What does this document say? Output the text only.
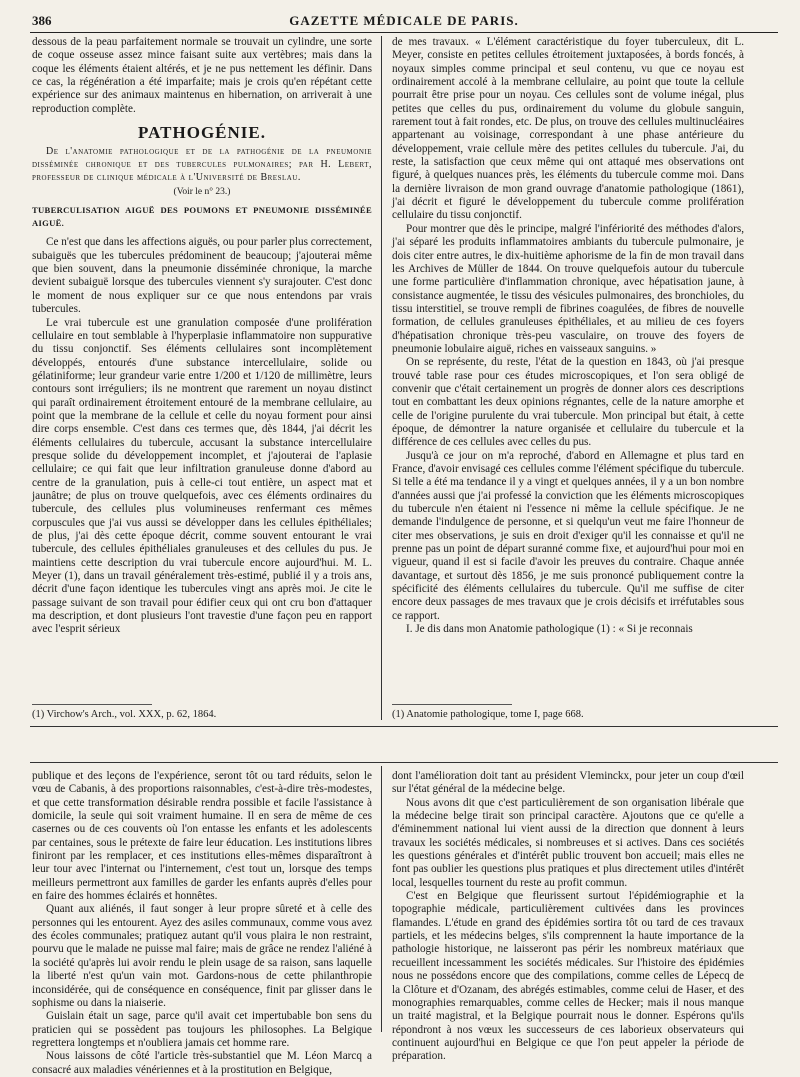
386	GAZETTE MÉDICALE DE PARIS.

dessous de la peau parfaitement normale se trouvait un cylindre, une sorte de coque osseuse assez mince faisant suite aux vertèbres; mais dans la coque les éléments étaient altérés, et je ne pus nettement les définir. Dans ce cas, la régénération a été imparfaite; mais je crois qu'en répétant cette expérience sur des animaux maintenus en hibernation, on arriverait à une reproduction complète.

PATHOGÉNIE.

De l'anatomie pathologique et de la pathogénie de la pneumonie disséminée chronique et des tubercules pulmonaires; par H. Lebert, professeur de clinique médicale à l'Université de Breslau.

(Voir le n° 23.)
TUBERCULISATION AIGUË DES POUMONS ET PNEUMONIE DISSÉMINÉE AIGUË.

Ce n'est que dans les affections aiguës, ou pour parler plus correctement, subaiguës que les tubercules prédominent de beaucoup; j'ajouterai même que bien souvent, dans la pneumonie disséminée chronique, la marche devient subaiguë lorsque des tubercules viennent s'y surajouter. C'est donc le moment de nous expliquer sur ce que nous entendons par vrais tubercules.

Le vrai tubercule est une granulation composée d'une prolifération cellulaire en tout semblable à l'hyperplasie inflammatoire non suppurative du tissu conjonctif. Ses éléments cellulaires sont incomplètement développés, entourés d'une substance intercellulaire, solide ou gélatiniforme; leur grandeur varie entre 1/200 et 1/120 de millimètre, leurs contours sont irréguliers; ils ne montrent que rarement un noyau distinct qui paraît ordinairement étroitement entouré de la membrane cellulaire, au point que la membrane de la cellule et celle du noyau forment pour ainsi dire corps ensemble. C'est dans ces termes que, dès 1844, j'ai décrit les éléments cellulaires du tubercule, accusant la substance intercellulaire presque solide du développement incomplet, et j'ajouterai de l'aplasie cellulaire; ce qui fait que leur infiltration granuleuse donne d'abord au centre de la granulation, puis à celle-ci tout entière, un aspect mat et jaunâtre; de plus on trouve quelquefois, avec ces éléments ordinaires du tubercule, des cellules plus volumineuses renfermant ces mêmes corpuscules que j'ai vus aussi se développer dans les cellules épithéliales; de plus, j'ai dès cette époque décrit, comme souvent entourant le vrai tubercule, des cellules épithéliales granuleuses et des cellules du pus. Je maintiens cette description du vrai tubercule encore aujourd'hui. M. L. Meyer (1), dans un travail généralement très-estimé, publié il y a trois ans, décrit d'une façon identique les tubercules vingt ans après moi. Je cite le passage suivant de son travail pour édifier ceux qui ont cru bon d'attaquer ma description, et dont plusieurs l'ont travestie d'une façon peu en rapport avec l'esprit sérieux

de mes travaux. « L'élément caractéristique du foyer tuberculeux, dit L. Meyer, consiste en petites cellules étroitement juxtaposées, à bords foncés, à noyaux simples comme principal et seul contenu, vu que ce noyau est ordinairement accolé à la membrane cellulaire, au point que toute la cellule pourrait être prise pour un noyau. Ces cellules sont de volume inégal, plus petites que celles du pus, ordinairement du volume du globule sanguin, rarement tout à fait rondes, etc. De plus, on trouve des cellules multinucléaires appartenant au voisinage, correspondant à une phase antérieure du développement, vraie cellule mère des petites cellules du tubercule. J'ai, du reste, la satisfaction que ceux même qui ont attaqué mes observations ont figuré, à quelques nuances près, les éléments du tubercule comme moi. Dans la dernière livraison de mon grand ouvrage d'anatomie pathologique (1861), j'ai décrit et figuré le développement du tubercule comme prolifération cellulaire du tissu conjonctif.

Pour montrer que dès le principe, malgré l'infériorité des méthodes d'alors, j'ai séparé les produits inflammatoires ambiants du tubercule pulmonaire, je dois citer entre autres, le dix-huitième aphorisme de la fin de mon travail dans les Archives de Müller de 1844. On trouve quelquefois autour du tubercule une forme particulière d'inflammation chronique, avec hépatisation jaune, à consistance augmentée, le tissu des vésicules pulmonaires, des bronchioles, du tissu interstitiel, se trouve rempli de fibrines coagulées, de fibres de nouvelle formation, de cellules granuleuses épithéliales, et au milieu de ces foyers d'hépatisation chronique très-peu vasculaire, on trouve des foyers de pneumonie lobulaire aiguë, riches en vaisseaux sanguins. »

On se représente, du reste, l'état de la question en 1843, où j'ai presque trouvé table rase pour ces études microscopiques, et l'on sera obligé de convenir que c'était certainement un progrès de donner alors ces descriptions tout en combattant les deux opinions régnantes, celle de la nature amorphe et celle de l'origine purulente du vrai tubercule. Mon principal but était, à cette époque, de démontrer la nature organisée et cellulaire du tubercule et la différence de ces cellules avec celles du pus.

Jusqu'à ce jour on m'a reproché, d'abord en Allemagne et plus tard en France, d'avoir envisagé ces cellules comme l'élément spécifique du tubercule. Si telle a été ma tendance il y a vingt et quelques années, il y a un bon nombre d'années aussi que j'ai professé la conviction que les éléments microscopiques du tubercule n'en étaient ni l'essence ni même la cellule spécifique. Je ne demande l'indulgence de personne, et si quelqu'un veut me faire l'honneur de citer mes observations, je suis en droit d'exiger qu'il les connaisse et qu'il ne prenne pas un point de départ suranné comme fixe, et aujourd'hui pour moi en vigueur, quand il est si facile d'avoir les preuves du contraire. Chaque année davantage, et surtout dès 1856, je me suis prononcé publiquement contre la spécificité des éléments cellulaires du tubercule. Qu'il me suffise de citer encore deux passages de mes travaux que je crois décisifs et irréfutables sous ce rapport.

I. Je dis dans mon Anatomie pathologique (1) : « Si je reconnais

(1) Virchow's Arch., vol. XXX, p. 62, 1864.	(1) Anatomie pathologique, tome I, page 668.

publique et des leçons de l'expérience, seront tôt ou tard réduits, selon le vœu de Cabanis, à des proportions raisonnables, c'est-à-dire très-modestes, et que cette transformation désirable rendra possible et facile l'assistance à domicile, la seule qui soit vraiment humaine. Il en sera de même de ces casernes ou de ces couvents où l'on entasse les enfants et les adolescents par centaines, sous le prétexte de faire leur éducation. Les institutions libres finiront par les remplacer, et ces institutions elles-mêmes disparaîtront à leur tour avec l'internat ou l'internement, c'est tout un, lorsque des temps meilleurs permettront aux familles de garder les enfants auprès d'elles pour en faire des hommes éclairés et honnêtes.

Quant aux aliénés, il faut songer à leur propre sûreté et à celle des personnes qui les entourent. Ayez des asiles communaux, comme vous avez des écoles communales; pratiquez autant qu'il vous plaira le non restraint, pourvu que le malade ne puisse mal faire; mais de grâce ne rendez l'aliéné à la société qu'après lui avoir rendu le plein usage de sa raison, sans laquelle la liberté n'est qu'un vain mot. Gardons-nous de cette philanthropie inconsidérée, qui de conséquence en conséquence, finit par glisser dans le sophisme ou dans la niaiserie.

Guislain était un sage, parce qu'il avait cet impertubable bon sens du praticien qui se possèdent pas toujours les philosophes. La Belgique regrettera longtemps et n'oubliera jamais cet homme rare.

Nous laissons de côté l'article très-substantiel que M. Léon Marcq a consacré aux maladies vénériennes et à la prostitution en Belgique,

dont l'amélioration doit tant au président Vleminckx, pour jeter un coup d'œil sur l'état général de la médecine belge.

Nous avons dit que c'est particulièrement de son organisation libérale que la médecine belge tirait son principal caractère. Ajoutons que ce qu'elle a d'éminemment national lui vient aussi de la direction que donnent à leurs travaux les sociétés médicales, si nombreuses et si actives. Dans ces sociétés les questions générales et d'intérêt public trouvent bon accueil; mais elles ne font pas oublier les questions plus pratiques et plus directement utiles d'intérêt local, lesquelles tournent du reste au profit commun.

C'est en Belgique que fleurissent surtout l'épidémiographie et la topographie médicale, particulièrement cultivées dans les provinces flamandes. L'étude en grand des épidémies sortira tôt ou tard de ces travaux partiels, et les médecins belges, s'ils comprennent la haute importance de la pathologie historique, ne laisseront pas périr les nombreux matériaux que recueillent incessamment les sociétés médicales. Sur l'histoire des épidémies nous ne possédons encore que des compilations, comme celles de Lépecq de la Clôture et d'Ozanam, des abrégés estimables, comme celui de Haser, et des monographies remarquables, comme celles de Hecker; mais il nous manque un traité magistral, et la Belgique pourrait nous le donner. Espérons qu'ils répondront à nos vœux les successeurs de ces laborieux observateurs qui continuent aujourd'hui en Belgique ce que l'on peut appeler la période de préparation.
